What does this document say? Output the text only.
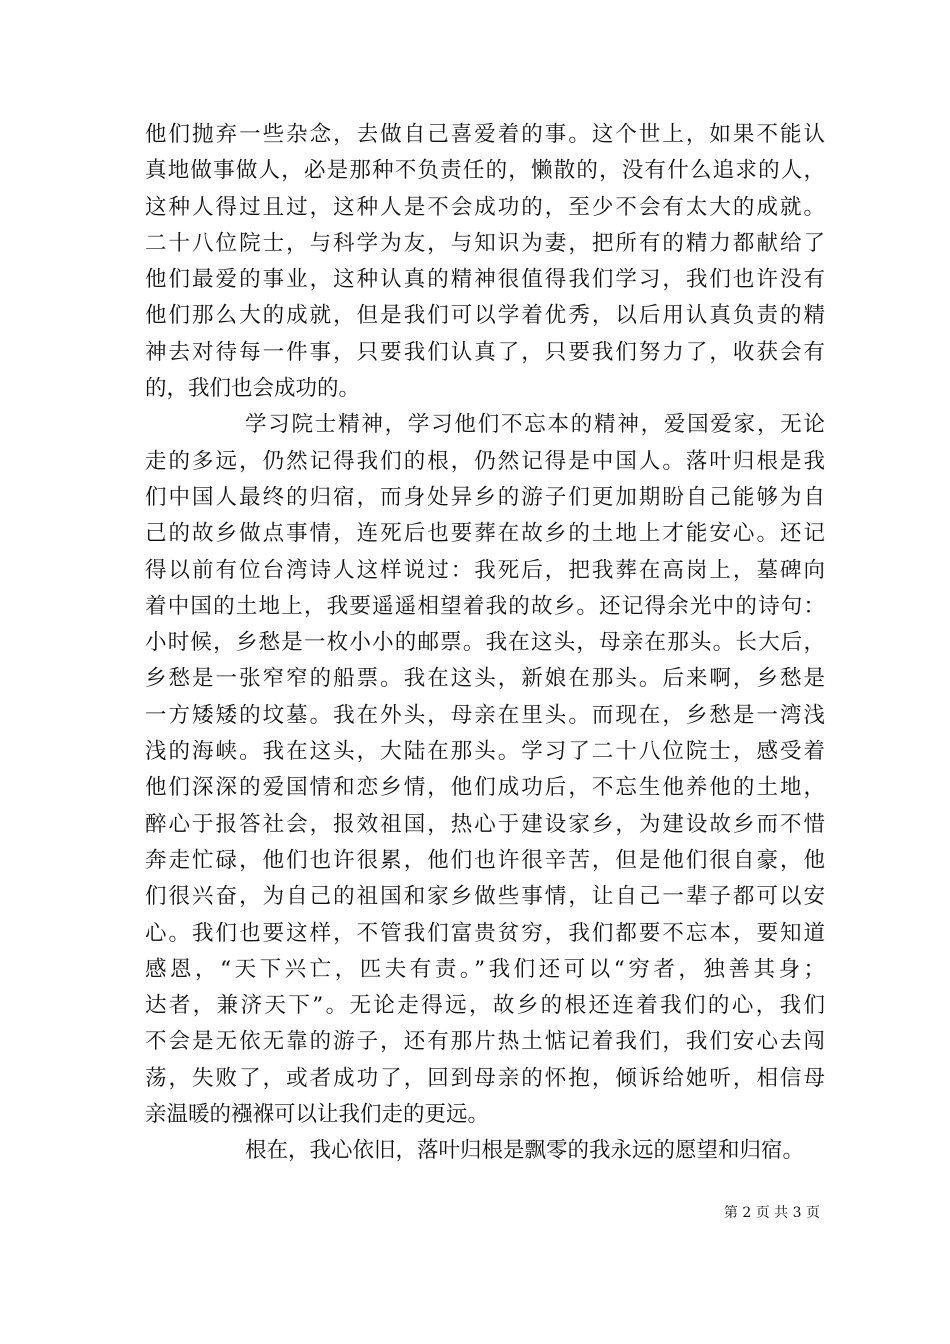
他们抛弃一些杂念，去做自己喜爱着的事。这个世上，如果不能认
真地做事做人，必是那种不负责任的，懒散的，没有什么追求的人，
这种人得过且过，这种人是不会成功的，至少不会有太大的成就。
二十八位院士，与科学为友，与知识为妻，把所有的精力都献给了
他们最爱的事业，这种认真的精神很值得我们学习，我们也许没有
他们那么大的成就，但是我们可以学着优秀，以后用认真负责的精
神去对待每一件事，只要我们认真了，只要我们努力了，收获会有
的，我们也会成功的。
学习院士精神，学习他们不忘本的精神，爱国爱家，无论
走的多远，仍然记得我们的根，仍然记得是中国人。落叶归根是我
们中国人最终的归宿，而身处异乡的游子们更加期盼自己能够为自
己的故乡做点事情，连死后也要葬在故乡的土地上才能安心。还记
得以前有位台湾诗人这样说过：我死后，把我葬在高岗上，墓碑向
着中国的土地上，我要遥遥相望着我的故乡。还记得余光中的诗句：
小时候，乡愁是一枚小小的邮票。我在这头，母亲在那头。长大后，
乡愁是一张窄窄的船票。我在这头，新娘在那头。后来啊，乡愁是
一方矮矮的坟墓。我在外头，母亲在里头。而现在，乡愁是一湾浅
浅的海峡。我在这头，大陆在那头。学习了二十八位院士，感受着
他们深深的爱国情和恋乡情，他们成功后，不忘生他养他的土地，
醉心于报答社会，报效祖国，热心于建设家乡，为建设故乡而不惜
奔走忙碌，他们也许很累，他们也许很辛苦，但是他们很自豪，他
们很兴奋，为自己的祖国和家乡做些事情，让自己一辈子都可以安
心。我们也要这样，不管我们富贵贫穷，我们都要不忘本，要知道
感恩，“天下兴亡，匹夫有责。”我们还可以“穷者，独善其身；
达者，兼济天下”。无论走得远，故乡的根还连着我们的心，我们
不会是无依无靠的游子，还有那片热土惦记着我们，我们安心去闯
荡，失败了，或者成功了，回到母亲的怀抱，倾诉给她听，相信母
亲温暖的襁褓可以让我们走的更远。
根在，我心依旧，落叶归根是飘零的我永远的愿望和归宿。
第 2 页 共 3 页
